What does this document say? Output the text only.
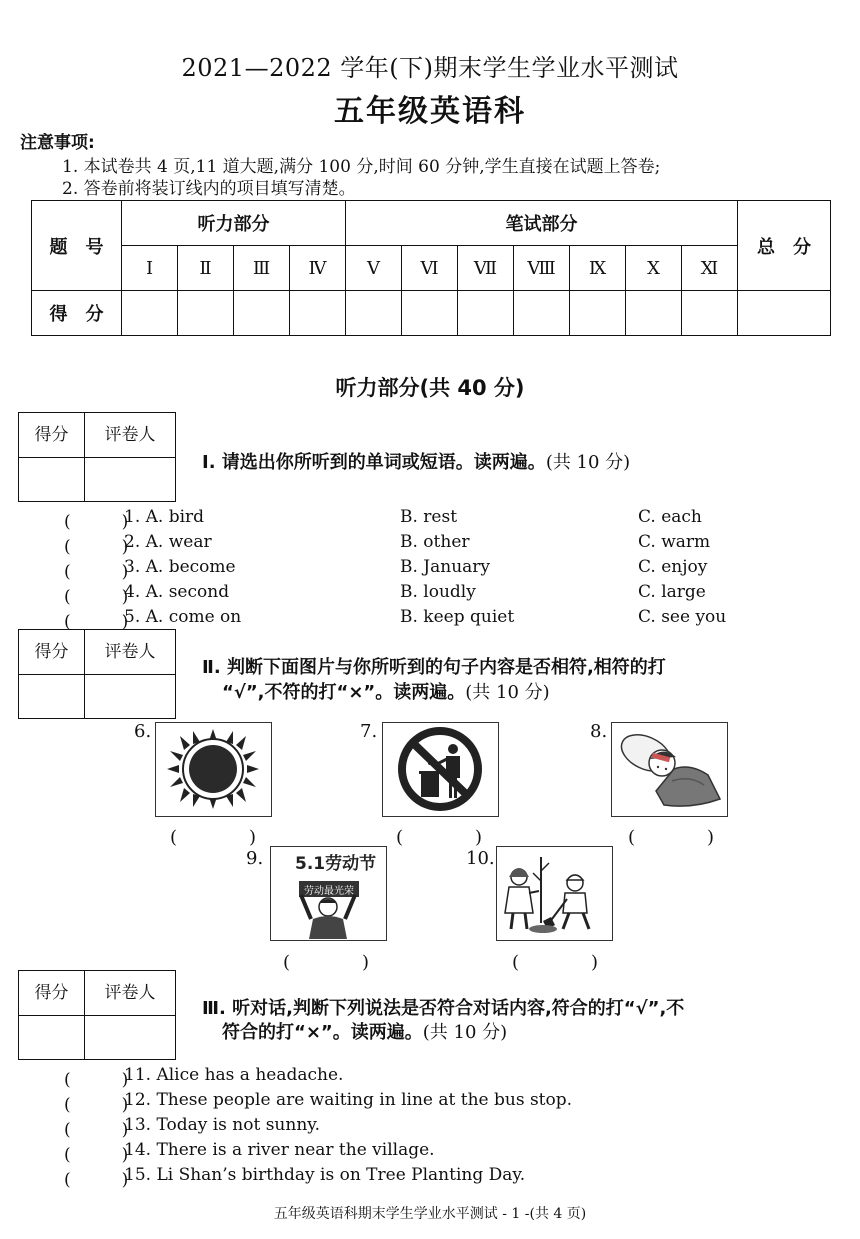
2021—2022 学年(下)期末学生学业水平测试
五年级英语科
注意事项:
1. 本试卷共 4 页,11 道大题,满分 100 分,时间 60 分钟,学生直接在试题上答卷;
2. 答卷前将装订线内的项目填写清楚。
题　号	听力部分				笔试部分							总　分
	Ⅰ	Ⅱ	Ⅲ	Ⅳ	Ⅴ	Ⅵ	Ⅶ	Ⅷ	Ⅸ	Ⅹ	Ⅺ	
得　分												
听力部分(共 40 分)
得分	评卷人
Ⅰ. 请选出你所听到的单词或短语。读两遍。(共 10 分)
(　　　)
1. A. bird	B. rest	C. each
(　　　)
2. A. wear	B. other	C. warm
(　　　)
3. A. become	B. January	C. enjoy
(　　　)
4. A. second	B. loudly	C. large
(　　　)
5. A. come on	B. keep quiet	C. see you
得分	评卷人
Ⅱ. 判断下面图片与你所听到的句子内容是否相符,相符的打
“√”,不符的打“×”。读两遍。(共 10 分)
6.
(　　　　)
7.
(　　　　)
8.
(　　　　)
9. 5.1劳动节
劳动最光荣
(　　　　)
10.
(　　　　)
得分	评卷人
Ⅲ. 听对话,判断下列说法是否符合对话内容,符合的打“√”,不
符合的打“×”。读两遍。(共 10 分)
(　　　)
11. Alice has a headache.
(　　　)
12. These people are waiting in line at the bus stop.
(　　　)
13. Today is not sunny.
(　　　)
14. There is a river near the village.
(　　　)
15. Li Shan’s birthday is on Tree Planting Day.
五年级英语科期末学生学业水平测试 - 1 -(共 4 页)
